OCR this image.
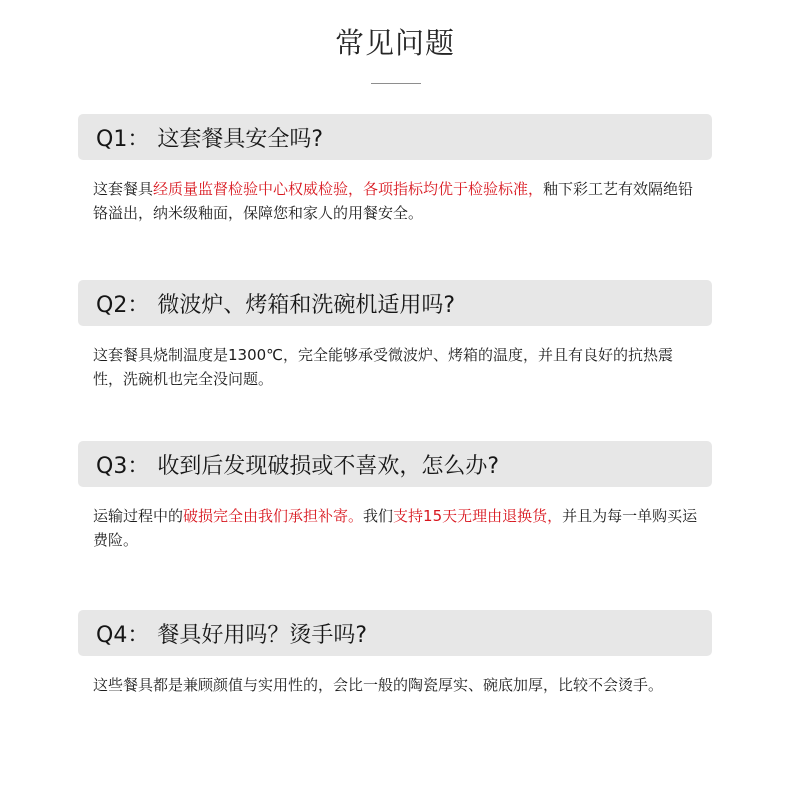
常见问题
Q1： 这套餐具安全吗?
这套餐具经质量监督检验中心权威检验，各项指标均优于检验标准，釉下彩工艺有效隔绝铅铬溢出，纳米级釉面，保障您和家人的用餐安全。
Q2： 微波炉、烤箱和洗碗机适用吗?
这套餐具烧制温度是1300℃，完全能够承受微波炉、烤箱的温度，并且有良好的抗热震性，洗碗机也完全没问题。
Q3： 收到后发现破损或不喜欢，怎么办?
运输过程中的破损完全由我们承担补寄。我们支持15天无理由退换货，并且为每一单购买运费险。
Q4： 餐具好用吗？烫手吗?
这些餐具都是兼顾颜值与实用性的，会比一般的陶瓷厚实、碗底加厚，比较不会烫手。
